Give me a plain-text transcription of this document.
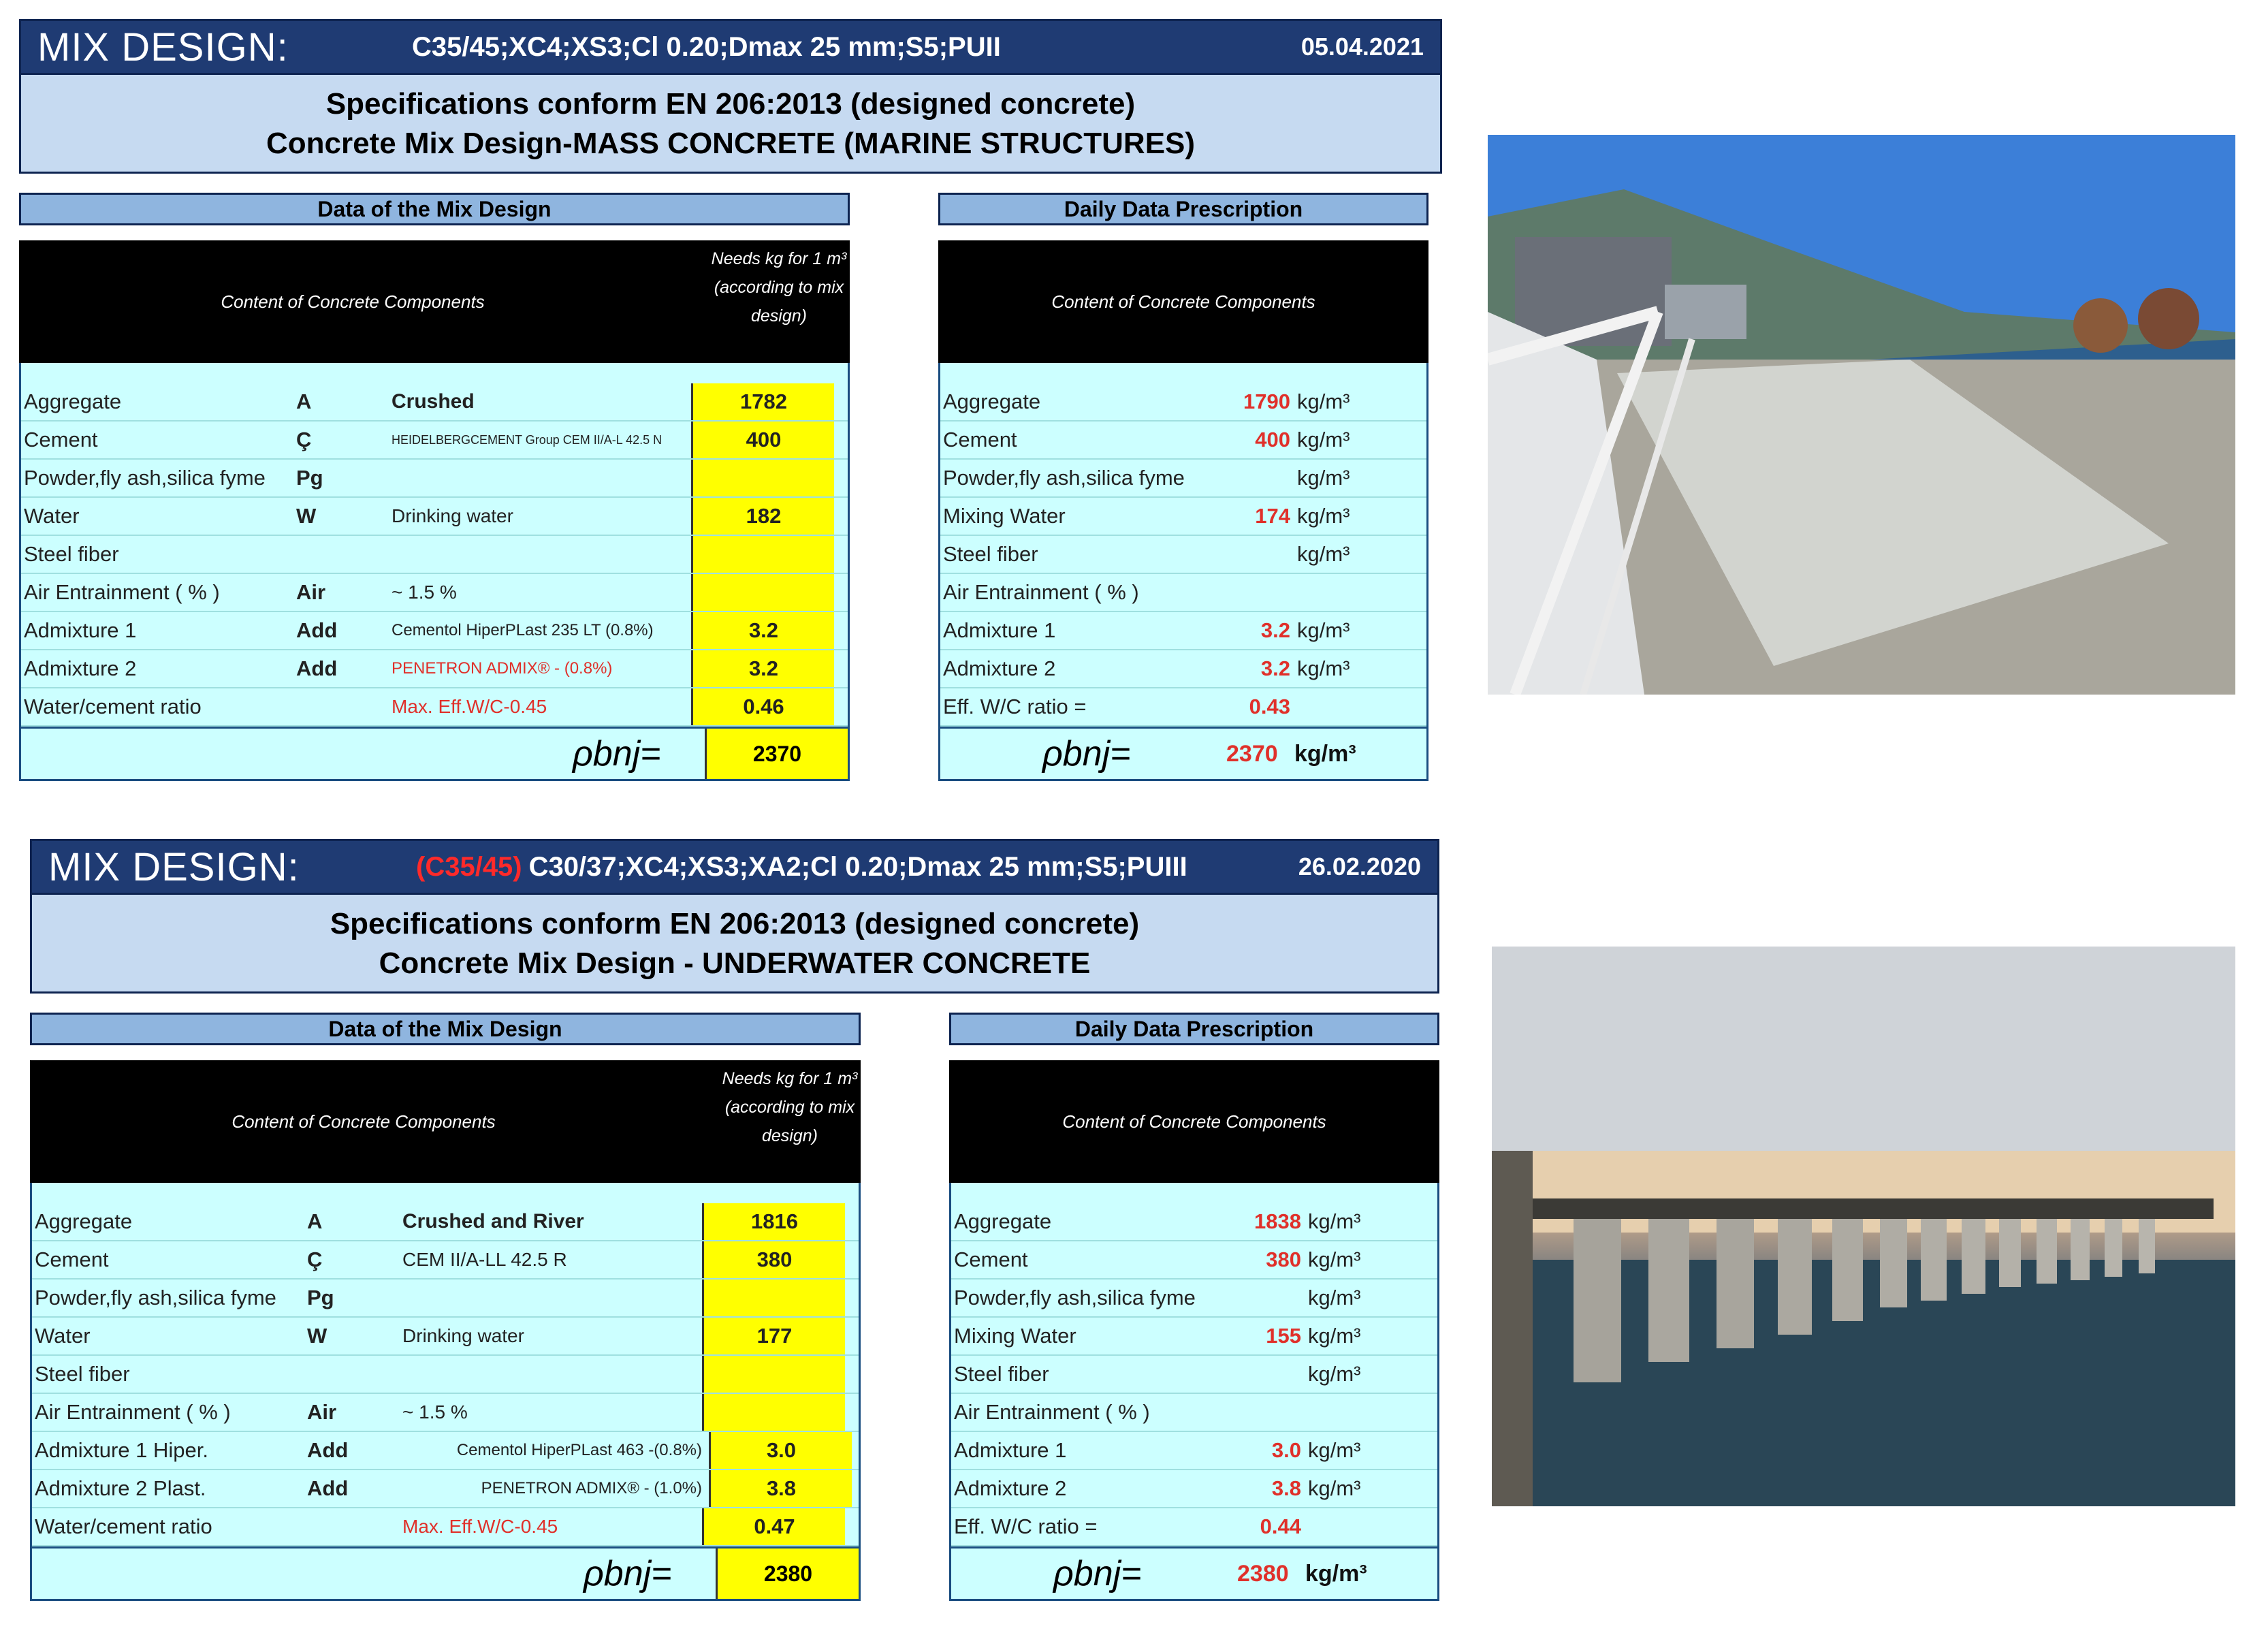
MIX DESIGN:	C35/45;XC4;XS3;Cl 0.20;Dmax 25 mm;S5;PUII	05.04.2021
Specifications conform EN 206:2013 (designed concrete)
Concrete Mix Design-MASS CONCRETE (MARINE STRUCTURES)
Data of the Mix Design
Content of Concrete Components
Needs kg for 1 m³ (according to mix design)
Aggregate	A	Crushed	1782
Cement	Ç	HEIDELBERGCEMENT Group CEM II/A-L 42.5 N	400
Powder,fly ash,silica fyme	Pg
Water	W	Drinking water	182
Steel fiber
Air Entrainment ( % )	Air	~ 1.5 %
Admixture 1	Add	Cementol HiperPLast 235 LT (0.8%)	3.2
Admixture 2	Add	PENETRON ADMIX® - (0.8%)	3.2
Water/cement ratio	Max. Eff.W/C-0.45	0.46
ρbnj=	2370
Daily Data Prescription
Content of Concrete Components
Aggregate	1790 kg/m³
Cement	400 kg/m³
Powder,fly ash,silica fyme	kg/m³
Mixing Water	174 kg/m³
Steel fiber	kg/m³
Air Entrainment ( % )
Admixture 1	3.2 kg/m³
Admixture 2	3.2 kg/m³
Eff. W/C ratio =	0.43
ρbnj=	2370 kg/m³
MIX DESIGN:	(C35/45) C30/37;XC4;XS3;XA2;Cl 0.20;Dmax 25 mm;S5;PUIII	26.02.2020
Specifications conform EN 206:2013 (designed concrete)
Concrete Mix Design - UNDERWATER CONCRETE
Data of the Mix Design
Content of Concrete Components
Needs kg for 1 m³ (according to mix design)
Aggregate	A	Crushed and River	1816
Cement	Ç	CEM II/A-LL 42.5 R	380
Powder,fly ash,silica fyme	Pg
Water	W	Drinking water	177
Steel fiber
Air Entrainment ( % )	Air	~ 1.5 %
Admixture 1 Hiper.	Add	Cementol HiperPLast 463 -(0.8%)	3.0
Admixture 2 Plast.	Add	PENETRON ADMIX® - (1.0%)	3.8
Water/cement ratio	Max. Eff.W/C-0.45	0.47
ρbnj=	2380
Daily Data Prescription
Content of Concrete Components
Aggregate	1838 kg/m³
Cement	380 kg/m³
Powder,fly ash,silica fyme	kg/m³
Mixing Water	155 kg/m³
Steel fiber	kg/m³
Air Entrainment ( % )
Admixture 1	3.0 kg/m³
Admixture 2	3.8 kg/m³
Eff. W/C ratio =	0.44
ρbnj=	2380 kg/m³
